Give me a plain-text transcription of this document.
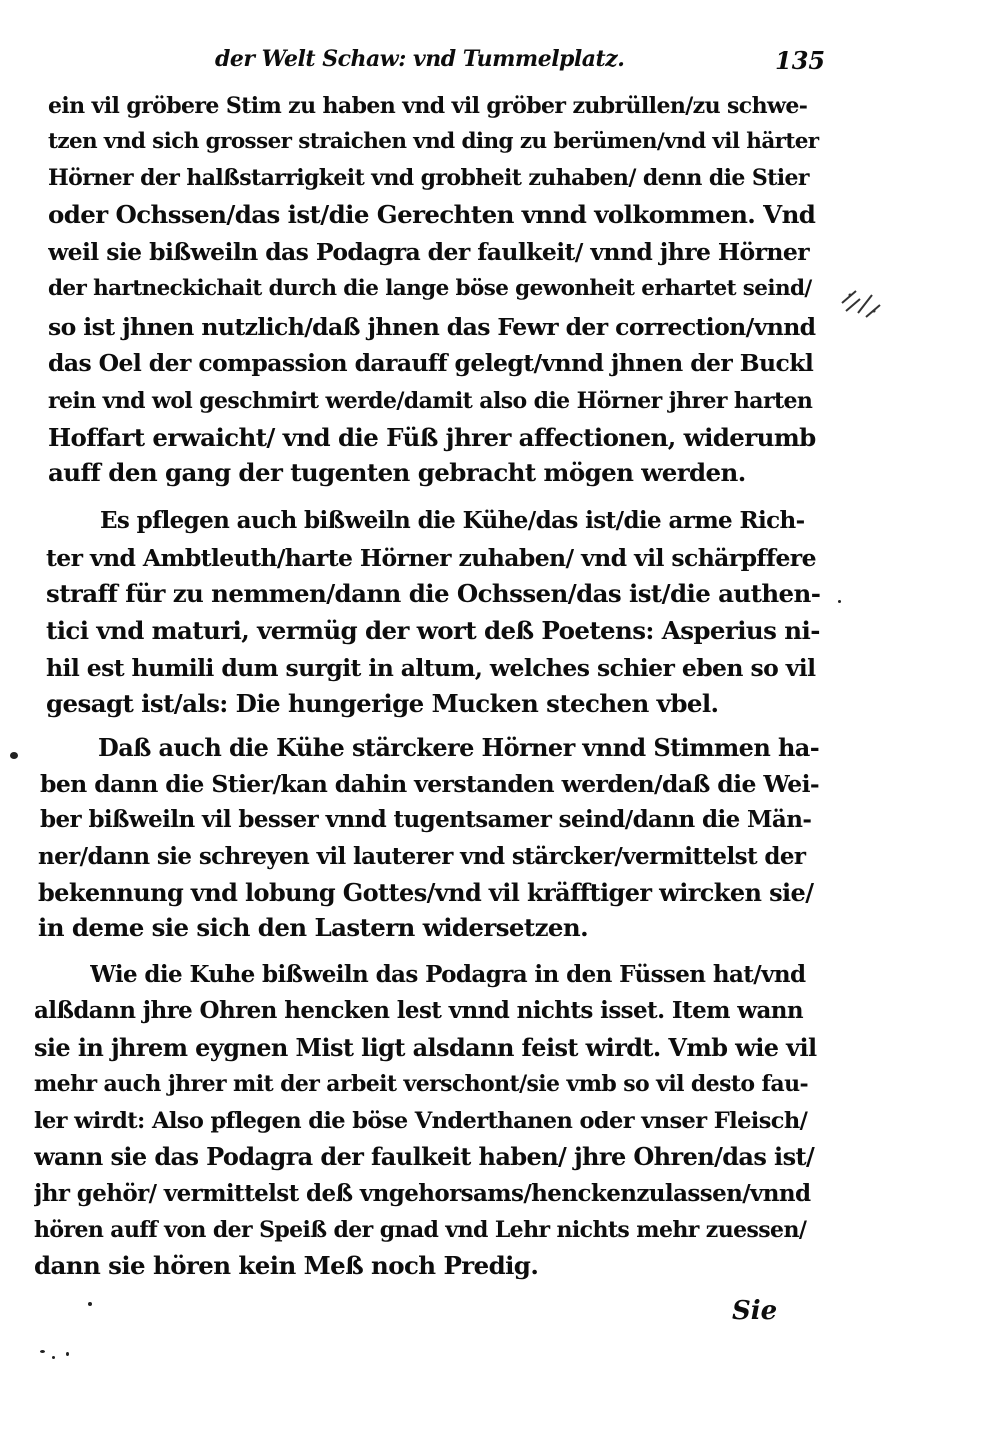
der Welt Schaw: vnd Tummelplatz.	135
ein vil gröbere Stim zu haben vnd vil gröber zubrüllen/zu schwe-
tzen vnd sich grosser straichen vnd ding zu berümen/vnd vil härter
Hörner der halßstarrigkeit vnd grobheit zuhaben/ denn die Stier
oder Ochssen/das ist/die Gerechten vnnd volkommen. Vnd
weil sie bißweiln das Podagra der faulkeit/ vnnd jhre Hörner
der hartneckichait durch die lange böse gewonheit erhartet seind/
so ist jhnen nutzlich/daß jhnen das Fewr der correction/vnnd
das Oel der compassion darauff gelegt/vnnd jhnen der Buckl
rein vnd wol geschmirt werde/damit also die Hörner jhrer harten
Hoffart erwaicht/ vnd die Füß jhrer affectionen, widerumb
auff den gang der tugenten gebracht mögen werden.
Es pflegen auch bißweiln die Kühe/das ist/die arme Rich-
ter vnd Ambtleuth/harte Hörner zuhaben/ vnd vil schärpffere
straff für zu nemmen/dann die Ochssen/das ist/die authen-
tici vnd maturi, vermüg der wort deß Poetens: Asperius ni-
hil est humili dum surgit in altum, welches schier eben so vil
gesagt ist/als: Die hungerige Mucken stechen vbel.
Daß auch die Kühe stärckere Hörner vnnd Stimmen ha-
ben dann die Stier/kan dahin verstanden werden/daß die Wei-
ber bißweiln vil besser vnnd tugentsamer seind/dann die Män-
ner/dann sie schreyen vil lauterer vnd stärcker/vermittelst der
bekennung vnd lobung Gottes/vnd vil kräfftiger wircken sie/
in deme sie sich den Lastern widersetzen.
Wie die Kuhe bißweiln das Podagra in den Füssen hat/vnd
alßdann jhre Ohren hencken lest vnnd nichts isset. Item wann
sie in jhrem eygnen Mist ligt alsdann feist wirdt. Vmb wie vil
mehr auch jhrer mit der arbeit verschont/sie vmb so vil desto fau-
ler wirdt: Also pflegen die böse Vnderthanen oder vnser Fleisch/
wann sie das Podagra der faulkeit haben/ jhre Ohren/das ist/
jhr gehör/ vermittelst deß vngehorsams/henckenzulassen/vnnd
hören auff von der Speiß der gnad vnd Lehr nichts mehr zuessen/
dann sie hören kein Meß noch Predig.
Sie
